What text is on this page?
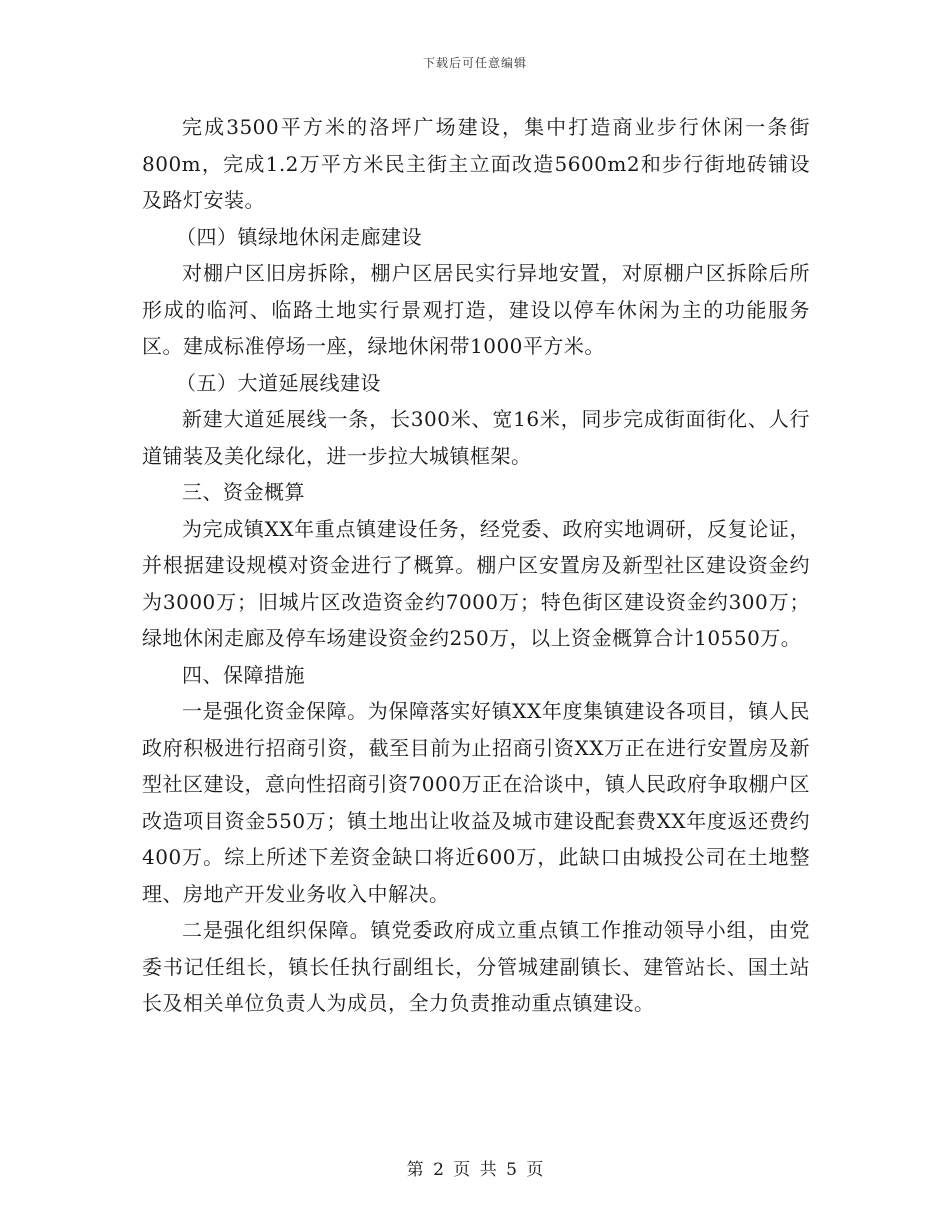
下载后可任意编辑

完成3500平方米的洛坪广场建设，集中打造商业步行休闲一条街800m，完成1.2万平方米民主街主立面改造5600m2和步行街地砖铺设及路灯安装。

（四）镇绿地休闲走廊建设

对棚户区旧房拆除，棚户区居民实行异地安置，对原棚户区拆除后所形成的临河、临路土地实行景观打造，建设以停车休闲为主的功能服务区。建成标准停场一座，绿地休闲带1000平方米。

（五）大道延展线建设

新建大道延展线一条，长300米、宽16米，同步完成街面街化、人行道铺装及美化绿化，进一步拉大城镇框架。

三、资金概算

为完成镇XX年重点镇建设任务，经党委、政府实地调研，反复论证，并根据建设规模对资金进行了概算。棚户区安置房及新型社区建设资金约为3000万；旧城片区改造资金约7000万；特色街区建设资金约300万；绿地休闲走廊及停车场建设资金约250万，以上资金概算合计10550万。

四、保障措施

一是强化资金保障。为保障落实好镇XX年度集镇建设各项目，镇人民政府积极进行招商引资，截至目前为止招商引资XX万正在进行安置房及新型社区建设，意向性招商引资7000万正在洽谈中，镇人民政府争取棚户区改造项目资金550万；镇土地出让收益及城市建设配套费XX年度返还费约400万。综上所述下差资金缺口将近600万，此缺口由城投公司在土地整理、房地产开发业务收入中解决。

二是强化组织保障。镇党委政府成立重点镇工作推动领导小组，由党委书记任组长，镇长任执行副组长，分管城建副镇长、建管站长、国土站长及相关单位负责人为成员，全力负责推动重点镇建设。

第 2 页 共 5 页
